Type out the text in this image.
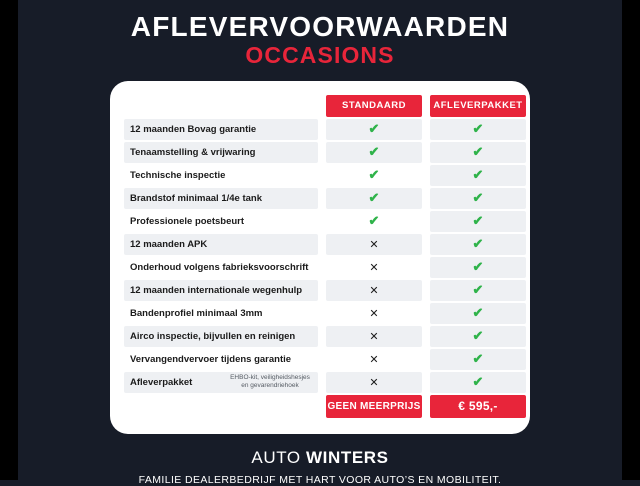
AFLEVERVOORWAARDEN
OCCASIONS
		STANDAARD		AFLEVERPAKKET
12 maanden Bovag garantie		✔		✔
Tenaamstelling & vrijwaring		✔		✔
Technische inspectie		✔		✔
Brandstof minimaal 1/4e tank		✔		✔
Professionele poetsbeurt		✔		✔
12 maanden APK		✕		✔
Onderhoud volgens fabrieksvoorschrift		✕		✔
12 maanden internationale wegenhulp		✕		✔
Bandenprofiel minimaal 3mm		✕		✔
Airco inspectie, bijvullen en reinigen		✕		✔
Vervangendvervoer tijdens garantie		✕		✔

Afleverpakket EHBO-kit, veiligheidshesjes en gevarendriehoek		✕		✔
		GEEN MEERPRIJS		€ 595,-
AUTO WINTERS
FAMILIE DEALERBEDRIJF MET HART VOOR AUTO’S EN MOBILITEIT.
